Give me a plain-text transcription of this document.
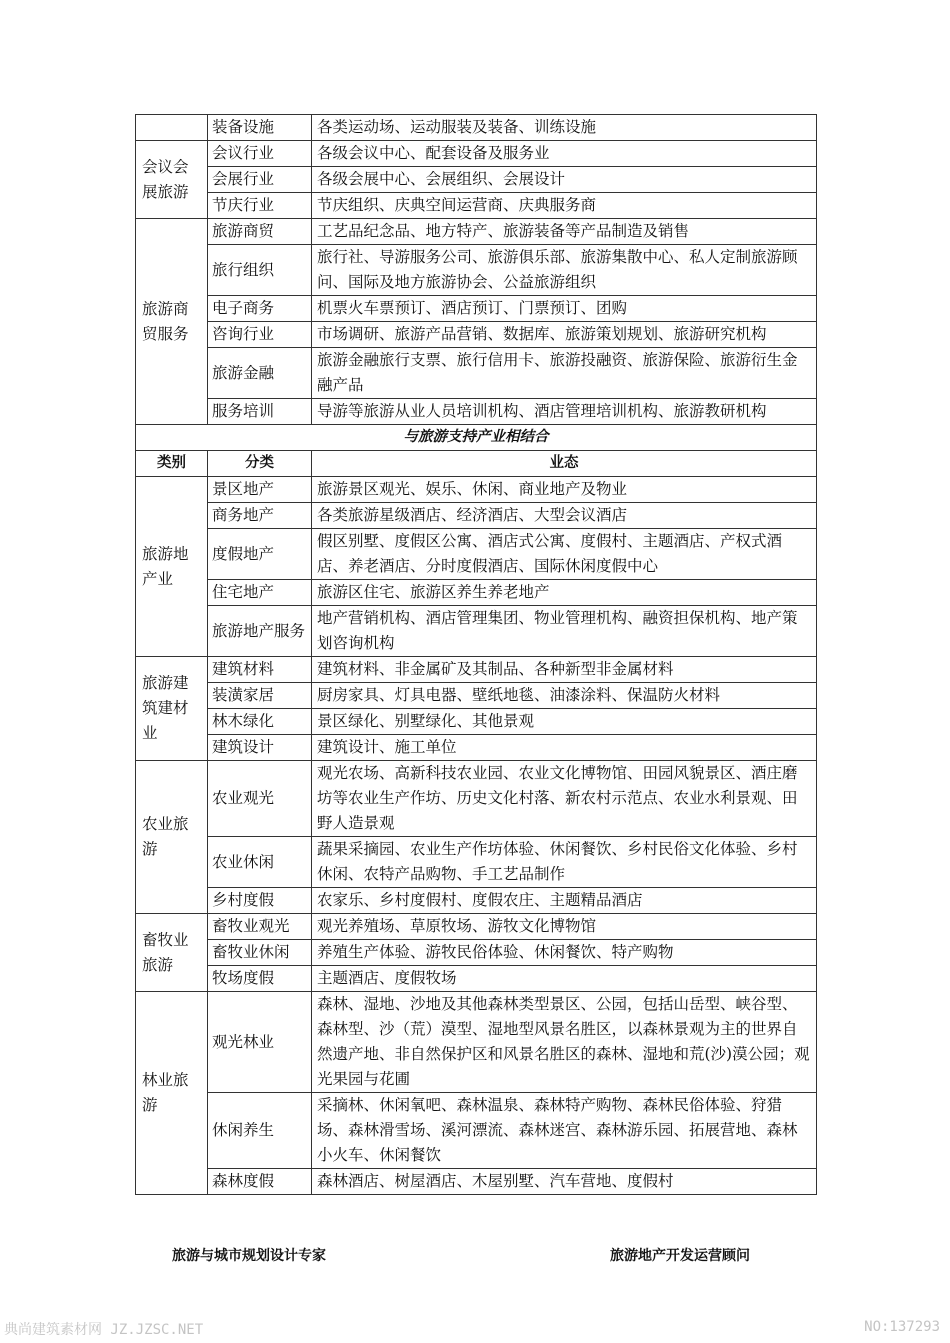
	装备设施	各类运动场、运动服装及装备、训练设施
会议会展旅游	会议行业	各级会议中心、配套设备及服务业
	会展行业	各级会展中心、会展组织、会展设计
	节庆行业	节庆组织、庆典空间运营商、庆典服务商
旅游商贸服务	旅游商贸	工艺品纪念品、地方特产、旅游装备等产品制造及销售
	旅行组织	旅行社、导游服务公司、旅游俱乐部、旅游集散中心、私人定制旅游顾问、国际及地方旅游协会、公益旅游组织
	电子商务	机票火车票预订、酒店预订、门票预订、团购
	咨询行业	市场调研、旅游产品营销、数据库、旅游策划规划、旅游研究机构
	旅游金融	旅游金融旅行支票、旅行信用卡、旅游投融资、旅游保险、旅游衍生金融产品
	服务培训	导游等旅游从业人员培训机构、酒店管理培训机构、旅游教研机构
与旅游支持产业相结合		
类别	分类	业态
旅游地产业	景区地产	旅游景区观光、娱乐、休闲、商业地产及物业
	商务地产	各类旅游星级酒店、经济酒店、大型会议酒店
	度假地产	假区别墅、度假区公寓、酒店式公寓、度假村、主题酒店、产权式酒店、养老酒店、分时度假酒店、国际休闲度假中心
	住宅地产	旅游区住宅、旅游区养生养老地产
	旅游地产服务	地产营销机构、酒店管理集团、物业管理机构、融资担保机构、地产策划咨询机构
旅游建筑建材业	建筑材料	建筑材料、非金属矿及其制品、各种新型非金属材料
	装潢家居	厨房家具、灯具电器、壁纸地毯、油漆涂料、保温防火材料
	林木绿化	景区绿化、别墅绿化、其他景观
	建筑设计	建筑设计、施工单位
农业旅游	农业观光	观光农场、高新科技农业园、农业文化博物馆、田园风貌景区、酒庄磨坊等农业生产作坊、历史文化村落、新农村示范点、农业水利景观、田野人造景观
	农业休闲	蔬果采摘园、农业生产作坊体验、休闲餐饮、乡村民俗文化体验、乡村休闲、农特产品购物、手工艺品制作
	乡村度假	农家乐、乡村度假村、度假农庄、主题精品酒店
畜牧业旅游	畜牧业观光	观光养殖场、草原牧场、游牧文化博物馆
	畜牧业休闲	养殖生产体验、游牧民俗体验、休闲餐饮、特产购物
	牧场度假	主题酒店、度假牧场
林业旅游	观光林业	森林、湿地、沙地及其他森林类型景区、公园，包括山岳型、峡谷型、森林型、沙（荒）漠型、湿地型风景名胜区，以森林景观为主的世界自然遗产地、非自然保护区和风景名胜区的森林、湿地和荒(沙)漠公园；观光果园与花圃
	休闲养生	采摘林、休闲氧吧、森林温泉、森林特产购物、森林民俗体验、狩猎场、森林滑雪场、溪河漂流、森林迷宫、森林游乐园、拓展营地、森林小火车、休闲餐饮
	森林度假	森林酒店、树屋酒店、木屋别墅、汽车营地、度假村
旅游与城市规划设计专家	旅游地产开发运营顾问
典尚建筑素材网 JZ.JZSC.NET	NO:137293
